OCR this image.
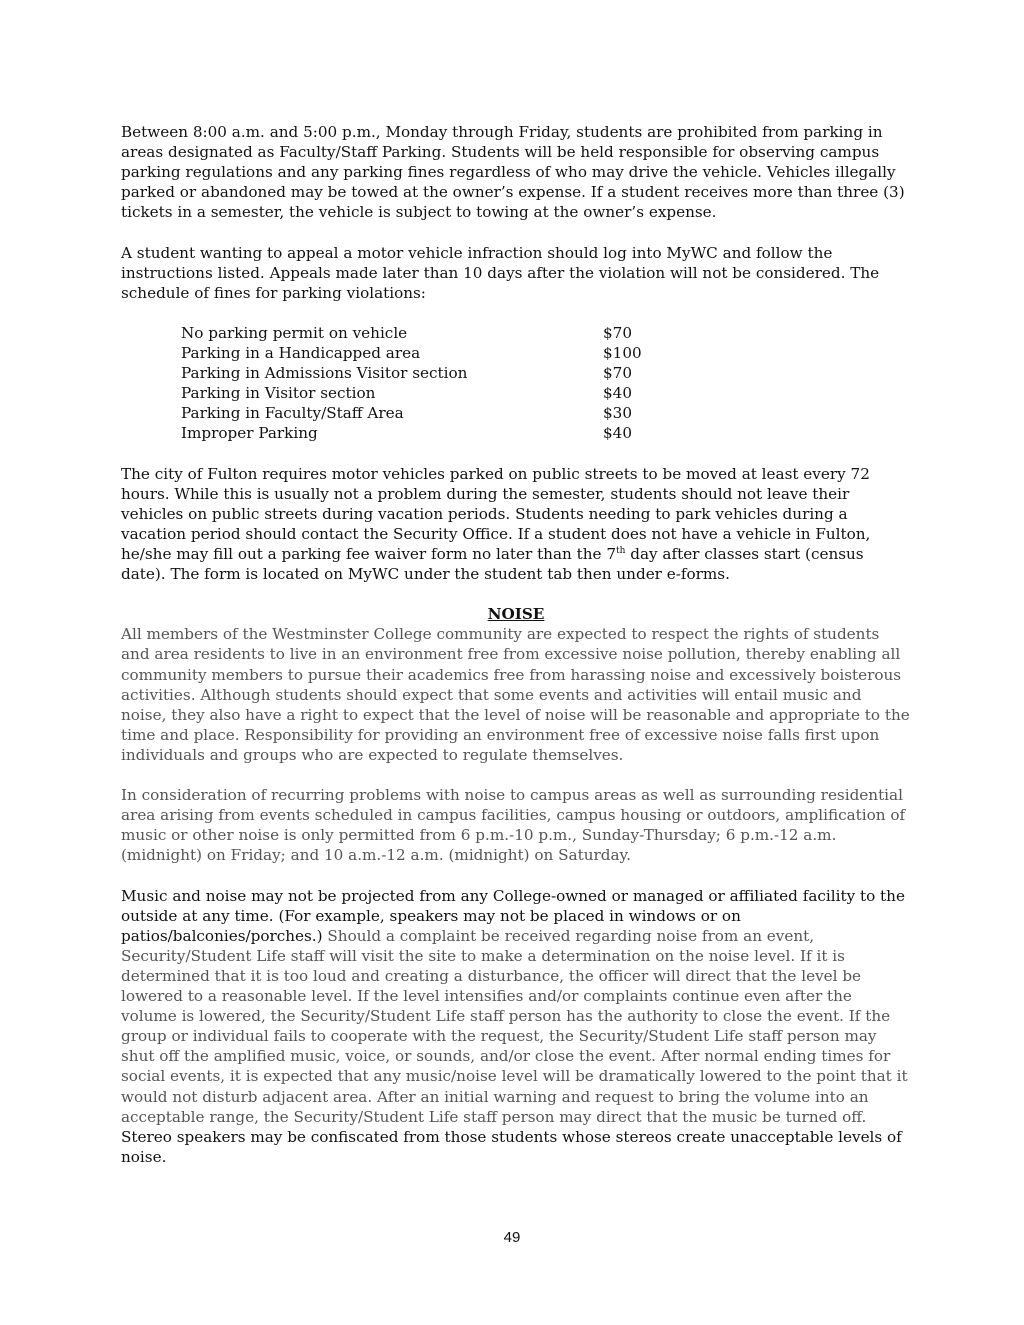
Between 8:00 a.m. and 5:00 p.m., Monday through Friday, students are prohibited from parking in areas designated as Faculty/Staff Parking. Students will be held responsible for observing campus parking regulations and any parking fines regardless of who may drive the vehicle. Vehicles illegally parked or abandoned may be towed at the owner’s expense. If a student receives more than three (3) tickets in a semester, the vehicle is subject to towing at the owner’s expense.

A student wanting to appeal a motor vehicle infraction should log into MyWC and follow the instructions listed. Appeals made later than 10 days after the violation will not be considered. The schedule of fines for parking violations:

No parking permit on vehicle	$70
Parking in a Handicapped area	$100
Parking in Admissions Visitor section	$70
Parking in Visitor section	$40
Parking in Faculty/Staff Area	$30
Improper Parking	$40

The city of Fulton requires motor vehicles parked on public streets to be moved at least every 72 hours. While this is usually not a problem during the semester, students should not leave their vehicles on public streets during vacation periods. Students needing to park vehicles during a vacation period should contact the Security Office. If a student does not have a vehicle in Fulton, he/she may fill out a parking fee waiver form no later than the 7th day after classes start (census date). The form is located on MyWC under the student tab then under e-forms.

NOISE

All members of the Westminster College community are expected to respect the rights of students and area residents to live in an environment free from excessive noise pollution, thereby enabling all community members to pursue their academics free from harassing noise and excessively boisterous activities. Although students should expect that some events and activities will entail music and noise, they also have a right to expect that the level of noise will be reasonable and appropriate to the time and place. Responsibility for providing an environment free of excessive noise falls first upon individuals and groups who are expected to regulate themselves.

In consideration of recurring problems with noise to campus areas as well as surrounding residential area arising from events scheduled in campus facilities, campus housing or outdoors, amplification of music or other noise is only permitted from 6 p.m.-10 p.m., Sunday-Thursday; 6 p.m.-12 a.m. (midnight) on Friday; and 10 a.m.-12 a.m. (midnight) on Saturday.

Music and noise may not be projected from any College-owned or managed or affiliated facility to the outside at any time. (For example, speakers may not be placed in windows or on patios/balconies/porches.) Should a complaint be received regarding noise from an event, Security/Student Life staff will visit the site to make a determination on the noise level. If it is determined that it is too loud and creating a disturbance, the officer will direct that the level be lowered to a reasonable level. If the level intensifies and/or complaints continue even after the volume is lowered, the Security/Student Life staff person has the authority to close the event. If the group or individual fails to cooperate with the request, the Security/Student Life staff person may shut off the amplified music, voice, or sounds, and/or close the event. After normal ending times for social events, it is expected that any music/noise level will be dramatically lowered to the point that it would not disturb adjacent area. After an initial warning and request to bring the volume into an acceptable range, the Security/Student Life staff person may direct that the music be turned off. Stereo speakers may be confiscated from those students whose stereos create unacceptable levels of noise.

49
